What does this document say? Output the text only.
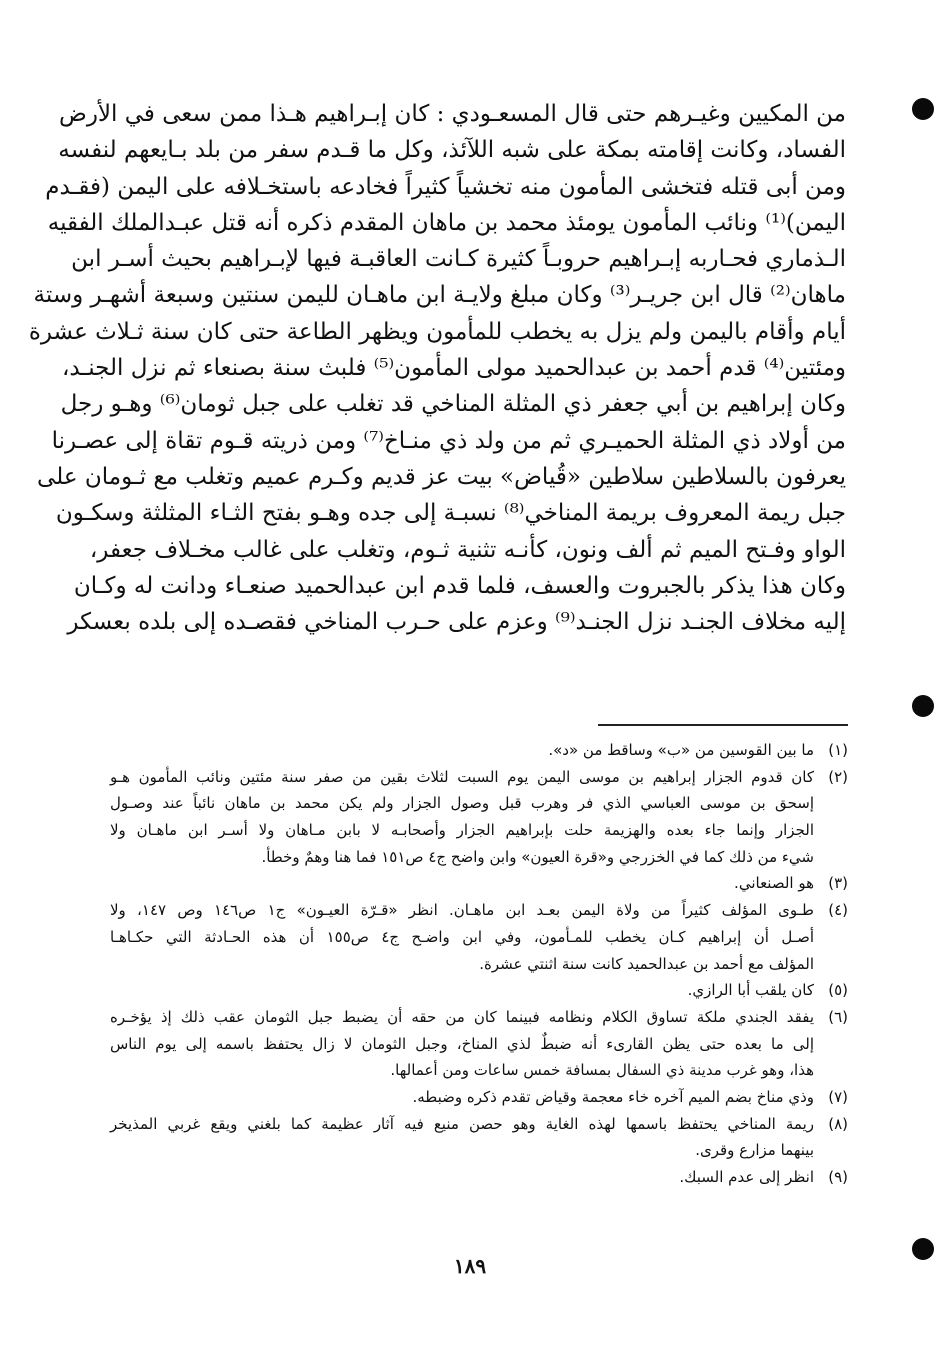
من المكيين وغيـرهم حتى قال المسعـودي : كان إبـراهيم هـذا ممن سعى في الأرض
الفساد، وكانت إقامته بمكة على شبه اللآئذ، وكل ما قـدم سفر من بلد بـايعهم لنفسه
ومن أبى قتله فتخشى المأمون منه تخشياً كثيراً فخادعه باستخـلافه على اليمن (فقـدم
اليمن)⁽¹⁾ ونائب المأمون يومئذ محمد بن ماهان المقدم ذكره أنه قتل عبـدالملك الفقيه
الـذماري فحـاربه إبـراهيم حروبـاً كثيرة كـانت العاقبـة فيها لإبـراهيم بحيث أسـر ابن
ماهان⁽²⁾ قال ابن جريـر⁽³⁾ وكان مبلغ ولايـة ابن ماهـان لليمن سنتين وسبعة أشهـر وستة
أيام وأقام باليمن ولم يزل به يخطب للمأمون ويظهر الطاعة حتى كان سنة ثـلاث عشرة
ومئتين⁽⁴⁾ قدم أحمد بن عبدالحميد مولى المأمون⁽⁵⁾ فلبث سنة بصنعاء ثم نزل الجنـد،
وكان إبراهيم بن أبي جعفر ذي المثلة المناخي قد تغلب على جبل ثومان⁽⁶⁾ وهـو رجل
من أولاد ذي المثلة الحميـري ثم من ولد ذي منـاخ⁽⁷⁾ ومن ذريته قـوم تقاة إلى عصـرنا
يعرفون بالسلاطين سلاطين «قُياض» بيت عز قديم وكـرم عميم وتغلب مع ثـومان على
جبل ريمة المعروف بريمة المناخي⁽⁸⁾ نسبـة إلى جده وهـو بفتح الثـاء المثلثة وسكـون
الواو وفـتح الميم ثم ألف ونون، كأنـه تثنية ثـوم، وتغلب على غالب مخـلاف جعفر،
وكان هذا يذكر بالجبروت والعسف، فلما قدم ابن عبدالحميد صنعـاء ودانت له وكـان
إليه مخلاف الجنـد نزل الجنـد⁽⁹⁾ وعزم على حـرب المناخي فقصـده إلى بلده بعسكر
(١)
ما بين القوسين من «ب» وساقط من «د».
(٢)
كان قدوم الجزار إبراهيم بن موسى اليمن يوم السبت لثلاث بقين من صفر سنة مئتين ونائب المأمون هـو
إسحق بن موسى العباسي الذي فر وهرب قبل وصول الجزار ولم يكن محمد بن ماهان نائباً عند وصـول
الجزار وإنما جاء بعده والهزيمة حلت بإبراهيم الجزار وأصحابـه لا بابن مـاهان ولا أسـر ابن ماهـان ولا
شيء من ذلك كما في الخزرجي و«قرة العيون» وابن واضح ج٤ ص١٥١ فما هنا وهمٌ وخطأ.
(٣)
هو الصنعاني.
(٤)
طـوى المؤلف كثيراً من ولاة اليمن بعـد ابن ماهـان. انظر «قـرّة العيـون» ج١ ص١٤٦ وص ١٤٧، ولا
أصـل أن إبراهيم كـان يخطب للمـأمون، وفي ابن واضـح ج٤ ص١٥٥ أن هذه الحـادثة التي حكـاهـا
المؤلف مع أحمد بن عبدالحميد كانت سنة اثنتي عشرة.
(٥)
كان يلقب أبا الرازي.
(٦)
يفقد الجندي ملكة تساوق الكلام ونظامه فبينما كان من حقه أن يضبط جبل الثومان عقب ذلك إذ يؤخـره
إلى ما بعده حتى يظن القارىء أنه ضبطٌ لذي المناخ، وجبل الثومان لا زال يحتفظ باسمه إلى يوم الناس
هذا، وهو غرب مدينة ذي السفال بمسافة خمس ساعات ومن أعمالها.
(٧)
وذي مناخ بضم الميم آخره خاء معجمة وقياض تقدم ذكره وضبطه.
(٨)
ريمة المناخي يحتفظ باسمها لهذه الغاية وهو حصن منيع فيه آثار عظيمة كما بلغني ويقع غربي المذيخر
بينهما مزارع وقرى.
(٩)
انظر إلى عدم السبك.
١٨٩
